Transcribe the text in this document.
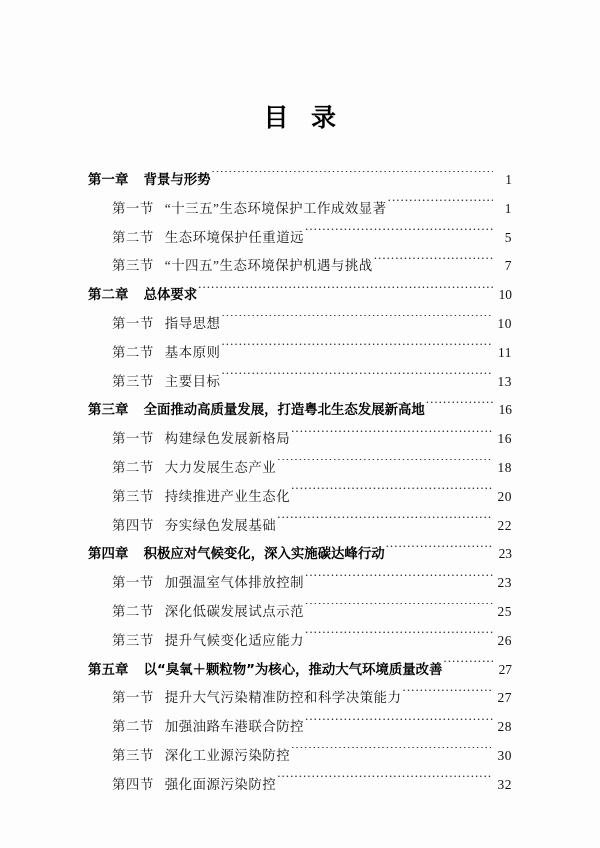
目 录
第一章 背景与形势 .....	1
第一节 “十三五”生态环境保护工作成效显著 .....	1
第二节 生态环境保护任重道远 .....	5
第三节 “十四五”生态环境保护机遇与挑战 .....	7
第二章 总体要求 .....	10
第一节 指导思想 .....	10
第二节 基本原则 .....	11
第三节 主要目标 .....	13
第三章 全面推动高质量发展，打造粤北生态发展新高地 .....	16
第一节 构建绿色发展新格局 .....	16
第二节 大力发展生态产业 .....	18
第三节 持续推进产业生态化 .....	20
第四节 夯实绿色发展基础 .....	22
第四章 积极应对气候变化，深入实施碳达峰行动 .....	23
第一节 加强温室气体排放控制 .....	23
第二节 深化低碳发展试点示范 .....	25
第三节 提升气候变化适应能力 .....	26
第五章 以“臭氧＋颗粒物”为核心，推动大气环境质量改善 .....	27
第一节 提升大气污染精准防控和科学决策能力 .....	27
第二节 加强油路车港联合防控 .....	28
第三节 深化工业源污染防控 .....	30
第四节 强化面源污染防控 .....	32
